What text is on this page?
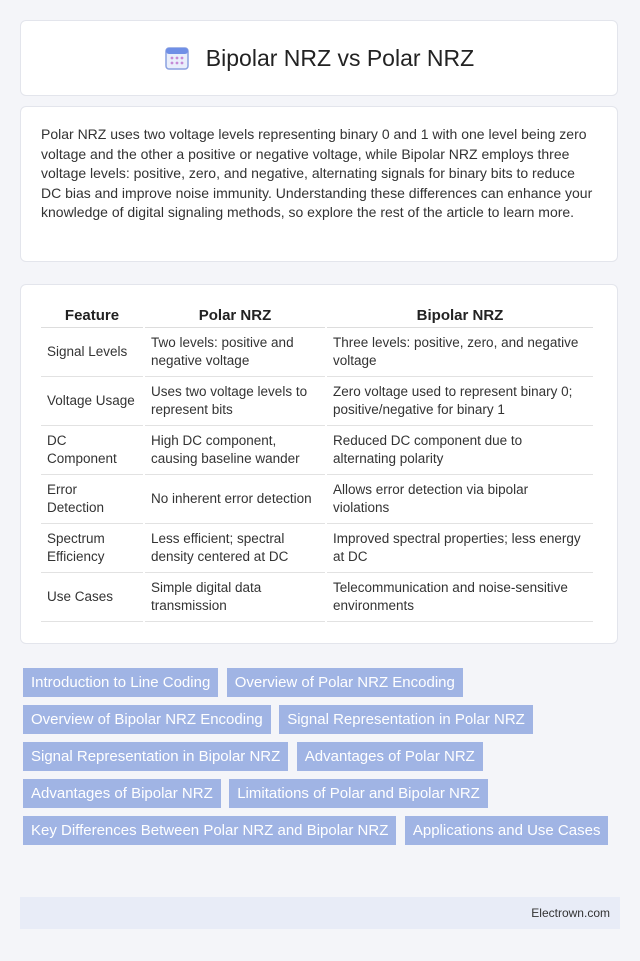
Bipolar NRZ vs Polar NRZ

Polar NRZ uses two voltage levels representing binary 0 and 1 with one level being zero voltage and the other a positive or negative voltage, while Bipolar NRZ employs three voltage levels: positive, zero, and negative, alternating signals for binary bits to reduce DC bias and improve noise immunity. Understanding these differences can enhance your knowledge of digital signaling methods, so explore the rest of the article to learn more.

Feature	Polar NRZ	Bipolar NRZ
Signal Levels	Two levels: positive and negative voltage	Three levels: positive, zero, and negative voltage
Voltage Usage	Uses two voltage levels to represent bits	Zero voltage used to represent binary 0; positive/negative for binary 1
DC Component	High DC component, causing baseline wander	Reduced DC component due to alternating polarity
Error Detection	No inherent error detection	Allows error detection via bipolar violations
Spectrum Efficiency	Less efficient; spectral density centered at DC	Improved spectral properties; less energy at DC
Use Cases	Simple digital data transmission	Telecommunication and noise-sensitive environments
Introduction to Line Coding Overview of Polar NRZ Encoding Overview of Bipolar NRZ Encoding Signal Representation in Polar NRZ Signal Representation in Bipolar NRZ Advantages of Polar NRZ Advantages of Bipolar NRZ Limitations of Polar and Bipolar NRZ Key Differences Between Polar NRZ and Bipolar NRZ Applications and Use Cases
Electrown.com
